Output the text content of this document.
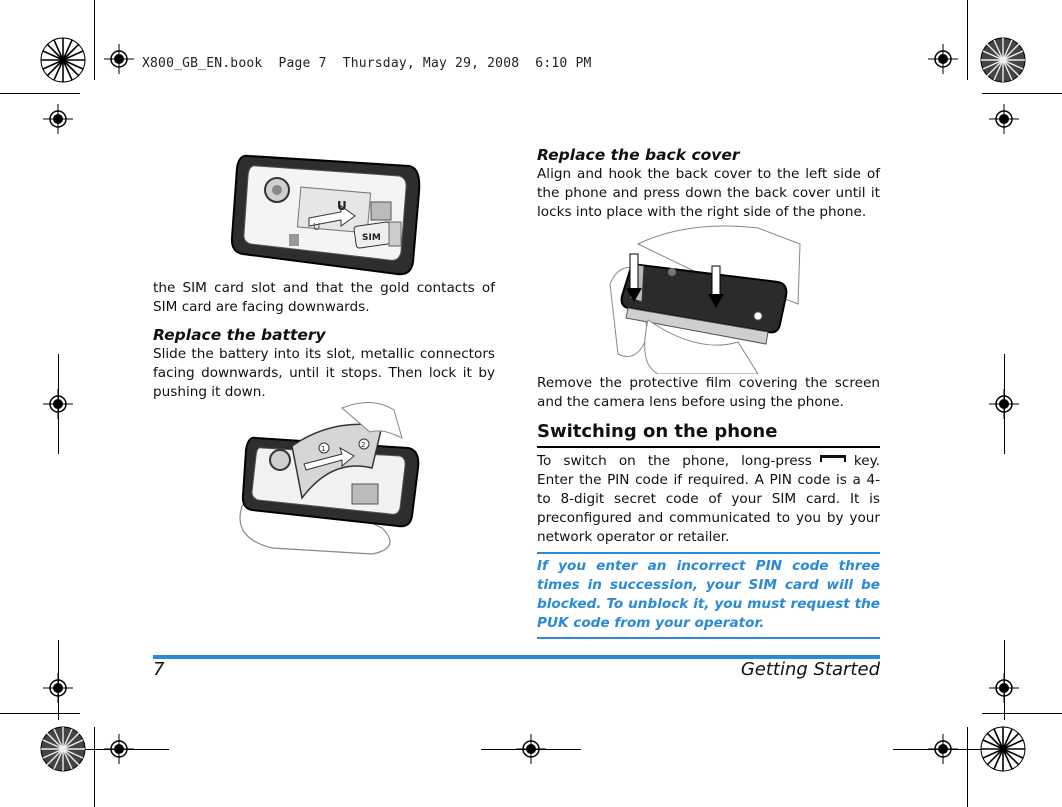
X800_GB_EN.book  Page 7  Thursday, May 29, 2008  6:10 PM
U
U
SIM

the SIM card slot and that the gold contacts of SIM card are facing downwards.

Replace the battery

Slide the battery into its slot, metallic connectors facing downwards, until it stops. Then lock it by pushing it down.

1	2
Replace the back cover

Align and hook the back cover to the left side of the phone and press down the back cover until it locks into place with the right side of the phone.

Remove the protective film covering the screen and the camera lens before using the phone.

Switching on the phone

To switch on the phone, long-press	key. Enter the PIN code if required. A PIN code is a 4- to 8-digit secret code of your SIM card. It is preconfigured and communicated to you by your network operator or retailer.

If you enter an incorrect PIN code three times in succession, your SIM card will be blocked. To unblock it, you must request the PUK code from your operator.
7	Getting Started
